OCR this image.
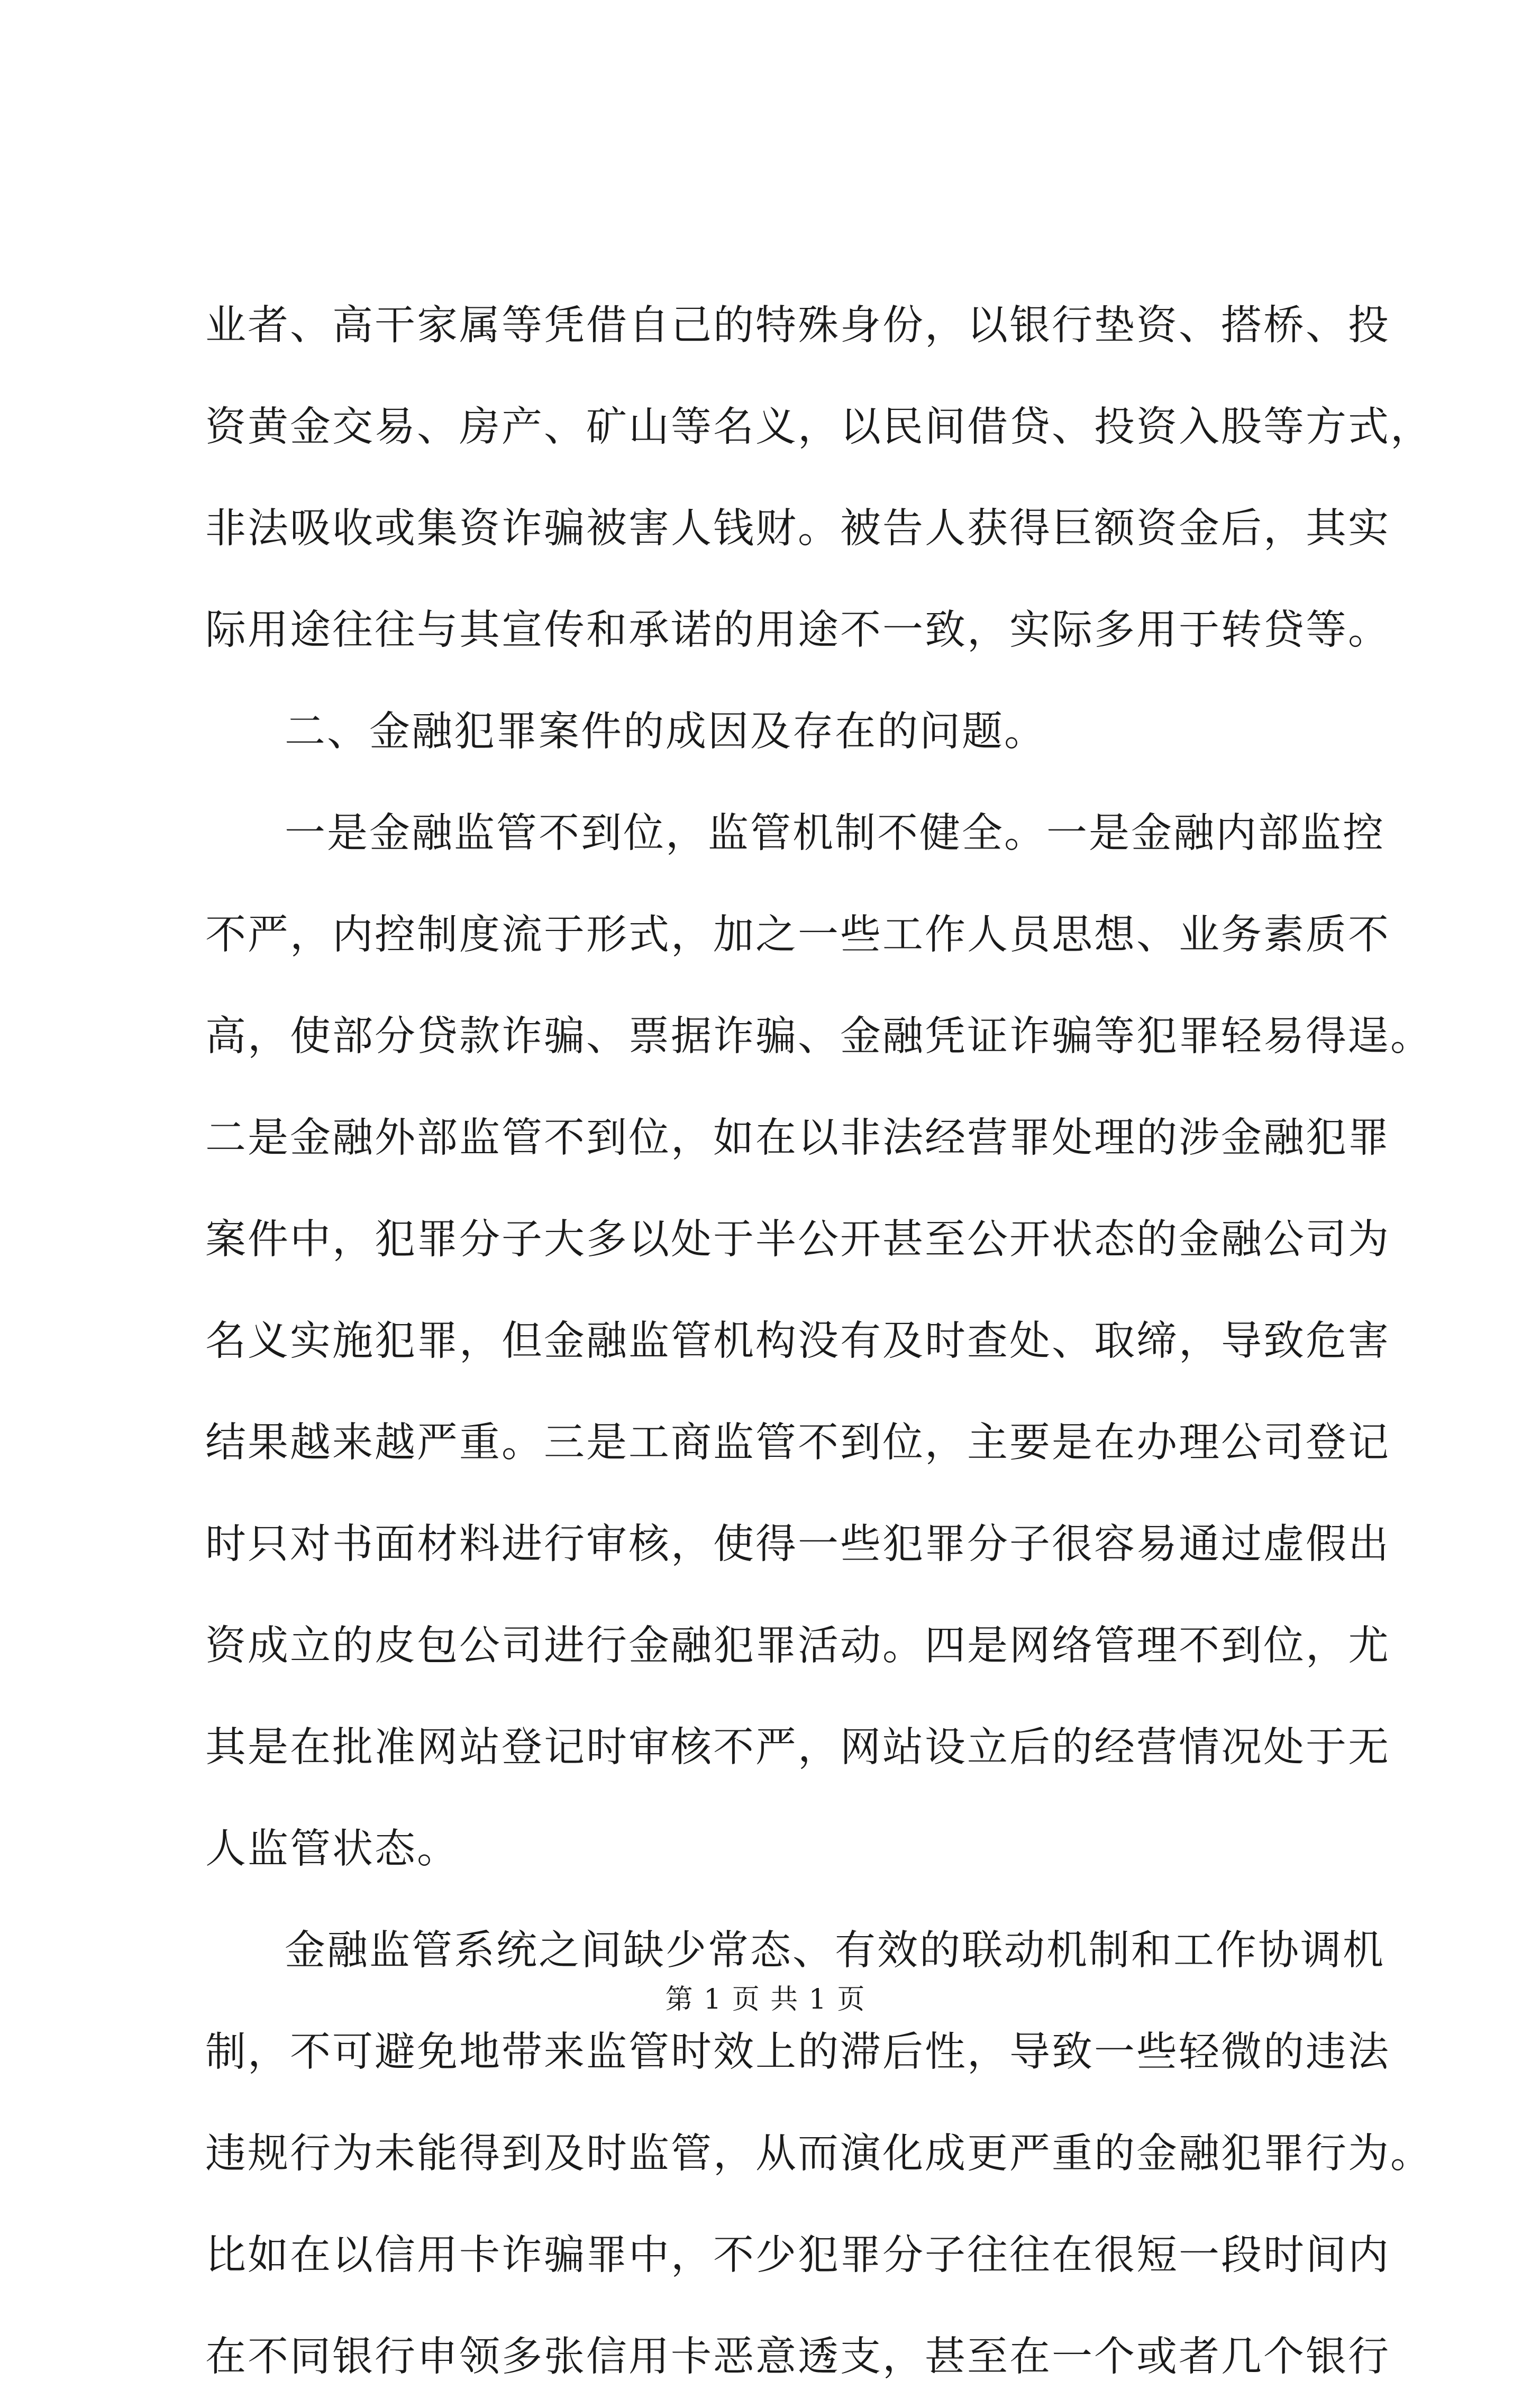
业者、高干家属等凭借自己的特殊身份，以银行垫资、搭桥、投
资黄金交易、房产、矿山等名义，以民间借贷、投资入股等方式，
非法吸收或集资诈骗被害人钱财。被告人获得巨额资金后，其实
际用途往往与其宣传和承诺的用途不一致，实际多用于转贷等。
二、金融犯罪案件的成因及存在的问题。
一是金融监管不到位，监管机制不健全。一是金融内部监控
不严，内控制度流于形式，加之一些工作人员思想、业务素质不
高，使部分贷款诈骗、票据诈骗、金融凭证诈骗等犯罪轻易得逞。
二是金融外部监管不到位，如在以非法经营罪处理的涉金融犯罪
案件中，犯罪分子大多以处于半公开甚至公开状态的金融公司为
名义实施犯罪，但金融监管机构没有及时查处、取缔，导致危害
结果越来越严重。三是工商监管不到位，主要是在办理公司登记
时只对书面材料进行审核，使得一些犯罪分子很容易通过虚假出
资成立的皮包公司进行金融犯罪活动。四是网络管理不到位，尤
其是在批准网站登记时审核不严，网站设立后的经营情况处于无
人监管状态。
金融监管系统之间缺少常态、有效的联动机制和工作协调机
制，不可避免地带来监管时效上的滞后性，导致一些轻微的违法
违规行为未能得到及时监管，从而演化成更严重的金融犯罪行为。
比如在以信用卡诈骗罪中，不少犯罪分子往往在很短一段时间内
在不同银行申领多张信用卡恶意透支，甚至在一个或者几个银行
第 1 页 共 1 页
